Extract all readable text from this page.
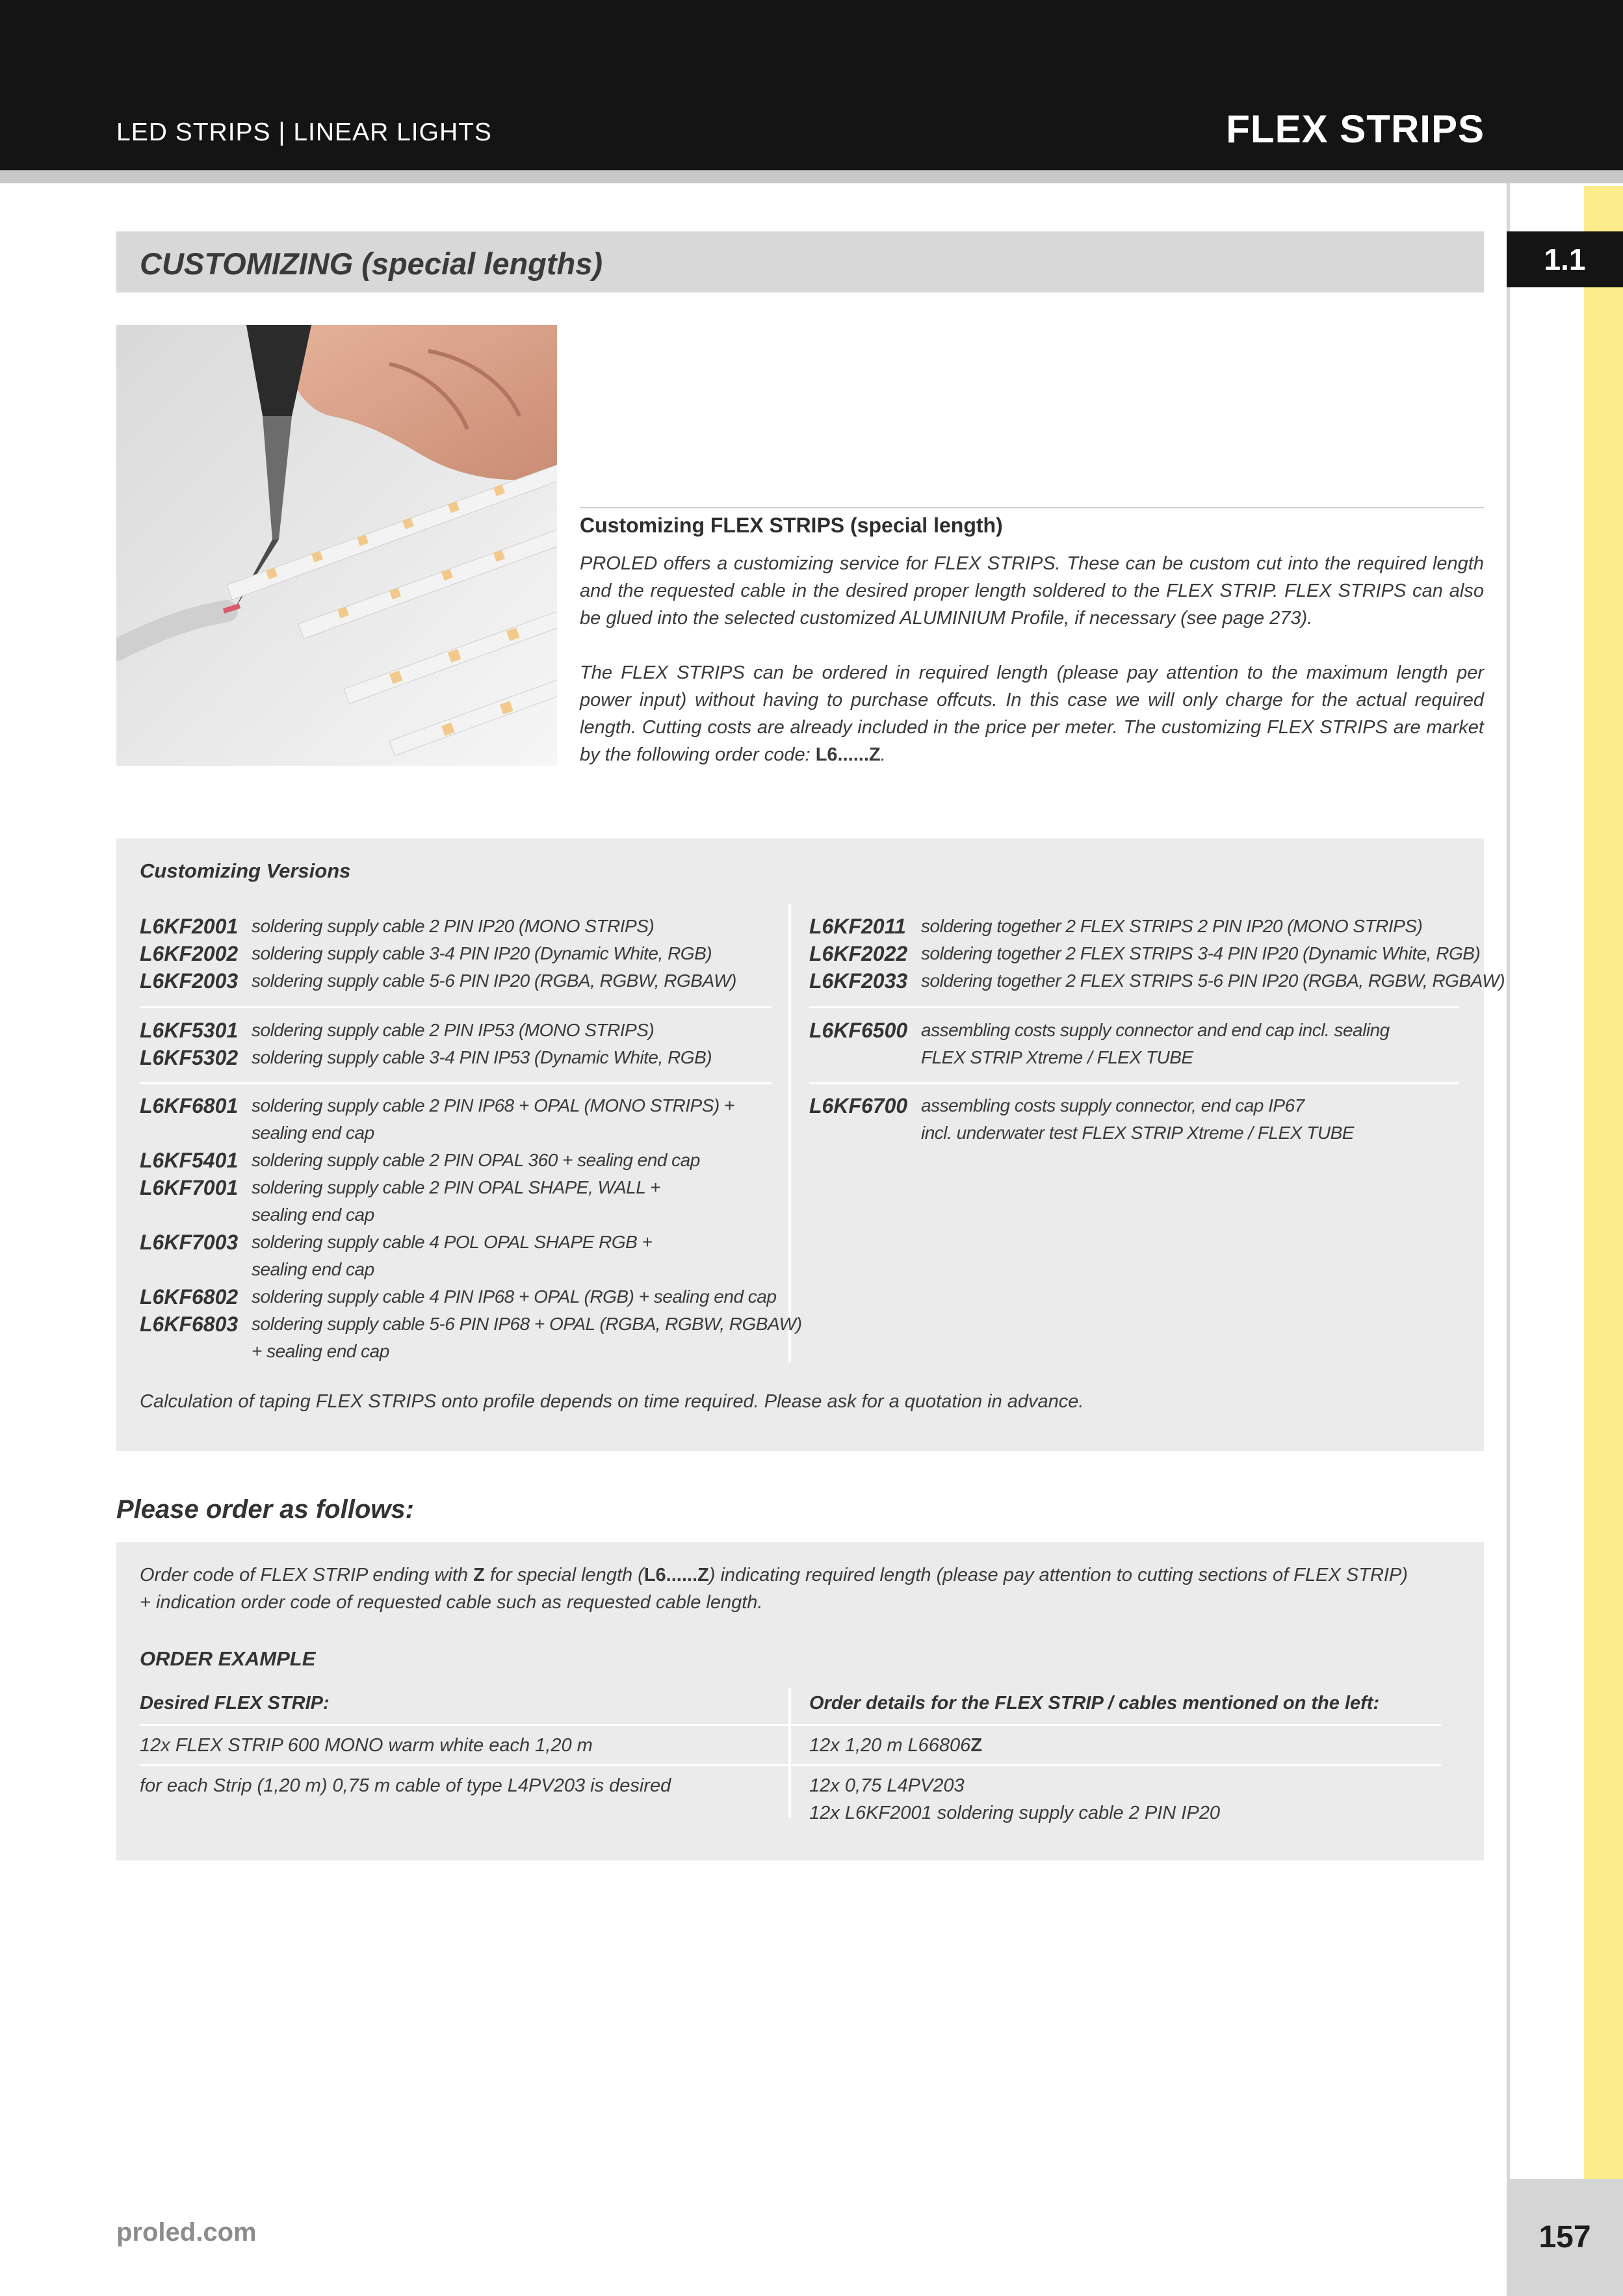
LED STRIPS | LINEAR LIGHTS	FLEX STRIPS
1.1
CUSTOMIZING (special lengths)
Customizing FLEX STRIPS (special length)
PROLED offers a customizing service for FLEX STRIPS. These can be custom cut into the required length and the requested cable in the desired proper length soldered to the FLEX STRIP. FLEX STRIPS can also be glued into the selected customized ALUMINIUM Profile, if necessary (see page 273).
The FLEX STRIPS can be ordered in required length (please pay attention to the maximum length per power input) without having to purchase offcuts. In this case we will only charge for the actual required length. Cutting costs are already included in the price per meter. The customizing FLEX STRIPS are market by the following order code: L6......Z.
Customizing Versions
L6KF2001 soldering supply cable 2 PIN IP20 (MONO STRIPS)
L6KF2002 soldering supply cable 3-4 PIN IP20 (Dynamic White, RGB)
L6KF2003 soldering supply cable 5-6 PIN IP20 (RGBA, RGBW, RGBAW)
L6KF5301 soldering supply cable 2 PIN IP53 (MONO STRIPS)
L6KF5302 soldering supply cable 3-4 PIN IP53 (Dynamic White, RGB)
L6KF6801 soldering supply cable 2 PIN IP68 + OPAL (MONO STRIPS) +
sealing end cap
L6KF5401 soldering supply cable 2 PIN OPAL 360 + sealing end cap
L6KF7001 soldering supply cable 2 PIN OPAL SHAPE, WALL +
sealing end cap
L6KF7003 soldering supply cable 4 POL OPAL SHAPE RGB +
sealing end cap
L6KF6802 soldering supply cable 4 PIN IP68 + OPAL (RGB) + sealing end cap
L6KF6803 soldering supply cable 5-6 PIN IP68 + OPAL (RGBA, RGBW, RGBAW)
+ sealing end cap
L6KF2011 soldering together 2 FLEX STRIPS 2 PIN IP20 (MONO STRIPS)
L6KF2022 soldering together 2 FLEX STRIPS 3-4 PIN IP20 (Dynamic White, RGB)
L6KF2033 soldering together 2 FLEX STRIPS 5-6 PIN IP20 (RGBA, RGBW, RGBAW)
L6KF6500 assembling costs supply connector and end cap incl. sealing
FLEX STRIP Xtreme / FLEX TUBE
L6KF6700 assembling costs supply connector, end cap IP67
incl. underwater test FLEX STRIP Xtreme / FLEX TUBE
Calculation of taping FLEX STRIPS onto profile depends on time required. Please ask for a quotation in advance.
Please order as follows:
Order code of FLEX STRIP ending with Z for special length (L6......Z) indicating required length (please pay attention to cutting sections of FLEX STRIP)
+ indication order code of requested cable such as requested cable length.
ORDER EXAMPLE
Desired FLEX STRIP:	Order details for the FLEX STRIP / cables mentioned on the left:
12x FLEX STRIP 600 MONO warm white each 1,20 m	12x 1,20 m L66806Z
for each Strip (1,20 m) 0,75 m cable of type L4PV203 is desired	12x 0,75 L4PV203
12x L6KF2001 soldering supply cable 2 PIN IP20
proled.com	157
